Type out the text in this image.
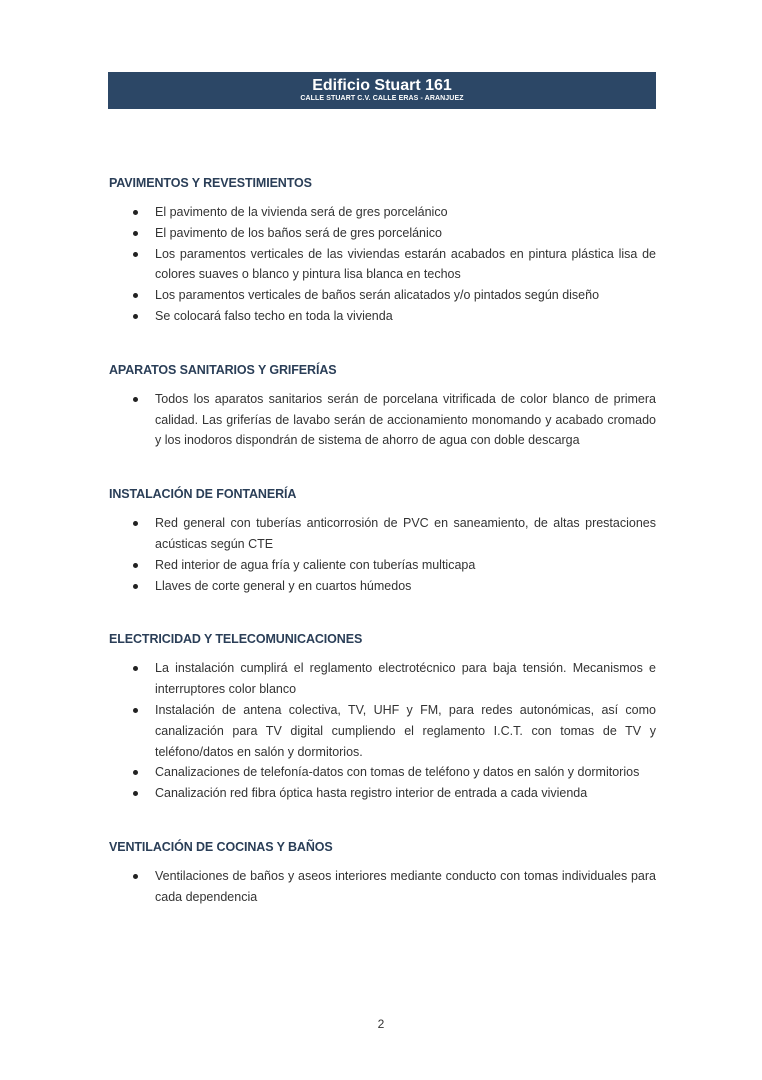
Edificio Stuart 161
CALLE STUART C.V. CALLE ERAS - ARANJUEZ
PAVIMENTOS Y REVESTIMIENTOS
El pavimento de la vivienda será de gres porcelánico
El pavimento de los baños será de gres porcelánico
Los paramentos verticales de las viviendas estarán acabados en pintura plástica lisa de colores suaves o blanco y pintura lisa blanca en techos
Los paramentos verticales de baños serán alicatados y/o pintados según diseño
Se colocará falso techo en toda la vivienda
APARATOS SANITARIOS Y GRIFERÍAS
Todos los aparatos sanitarios serán de porcelana vitrificada de color blanco de primera calidad. Las griferías de lavabo serán de accionamiento monomando y acabado cromado y los inodoros dispondrán de sistema de ahorro de agua con doble descarga
INSTALACIÓN DE FONTANERÍA
Red general con tuberías anticorrosión de PVC en saneamiento, de altas prestaciones acústicas según CTE
Red interior de agua fría y caliente con tuberías multicapa
Llaves de corte general y en cuartos húmedos
ELECTRICIDAD Y TELECOMUNICACIONES
La instalación cumplirá el reglamento electrotécnico para baja tensión. Mecanismos e interruptores color blanco
Instalación de antena colectiva, TV, UHF y FM, para redes autonómicas, así como canalización para TV digital cumpliendo el reglamento I.C.T. con tomas de TV y teléfono/datos en salón y dormitorios.
Canalizaciones de telefonía-datos con tomas de teléfono y datos en salón y dormitorios
Canalización red fibra óptica hasta registro interior de entrada a cada vivienda
VENTILACIÓN DE COCINAS Y BAÑOS
Ventilaciones de baños y aseos interiores mediante conducto con tomas individuales para cada dependencia
2
